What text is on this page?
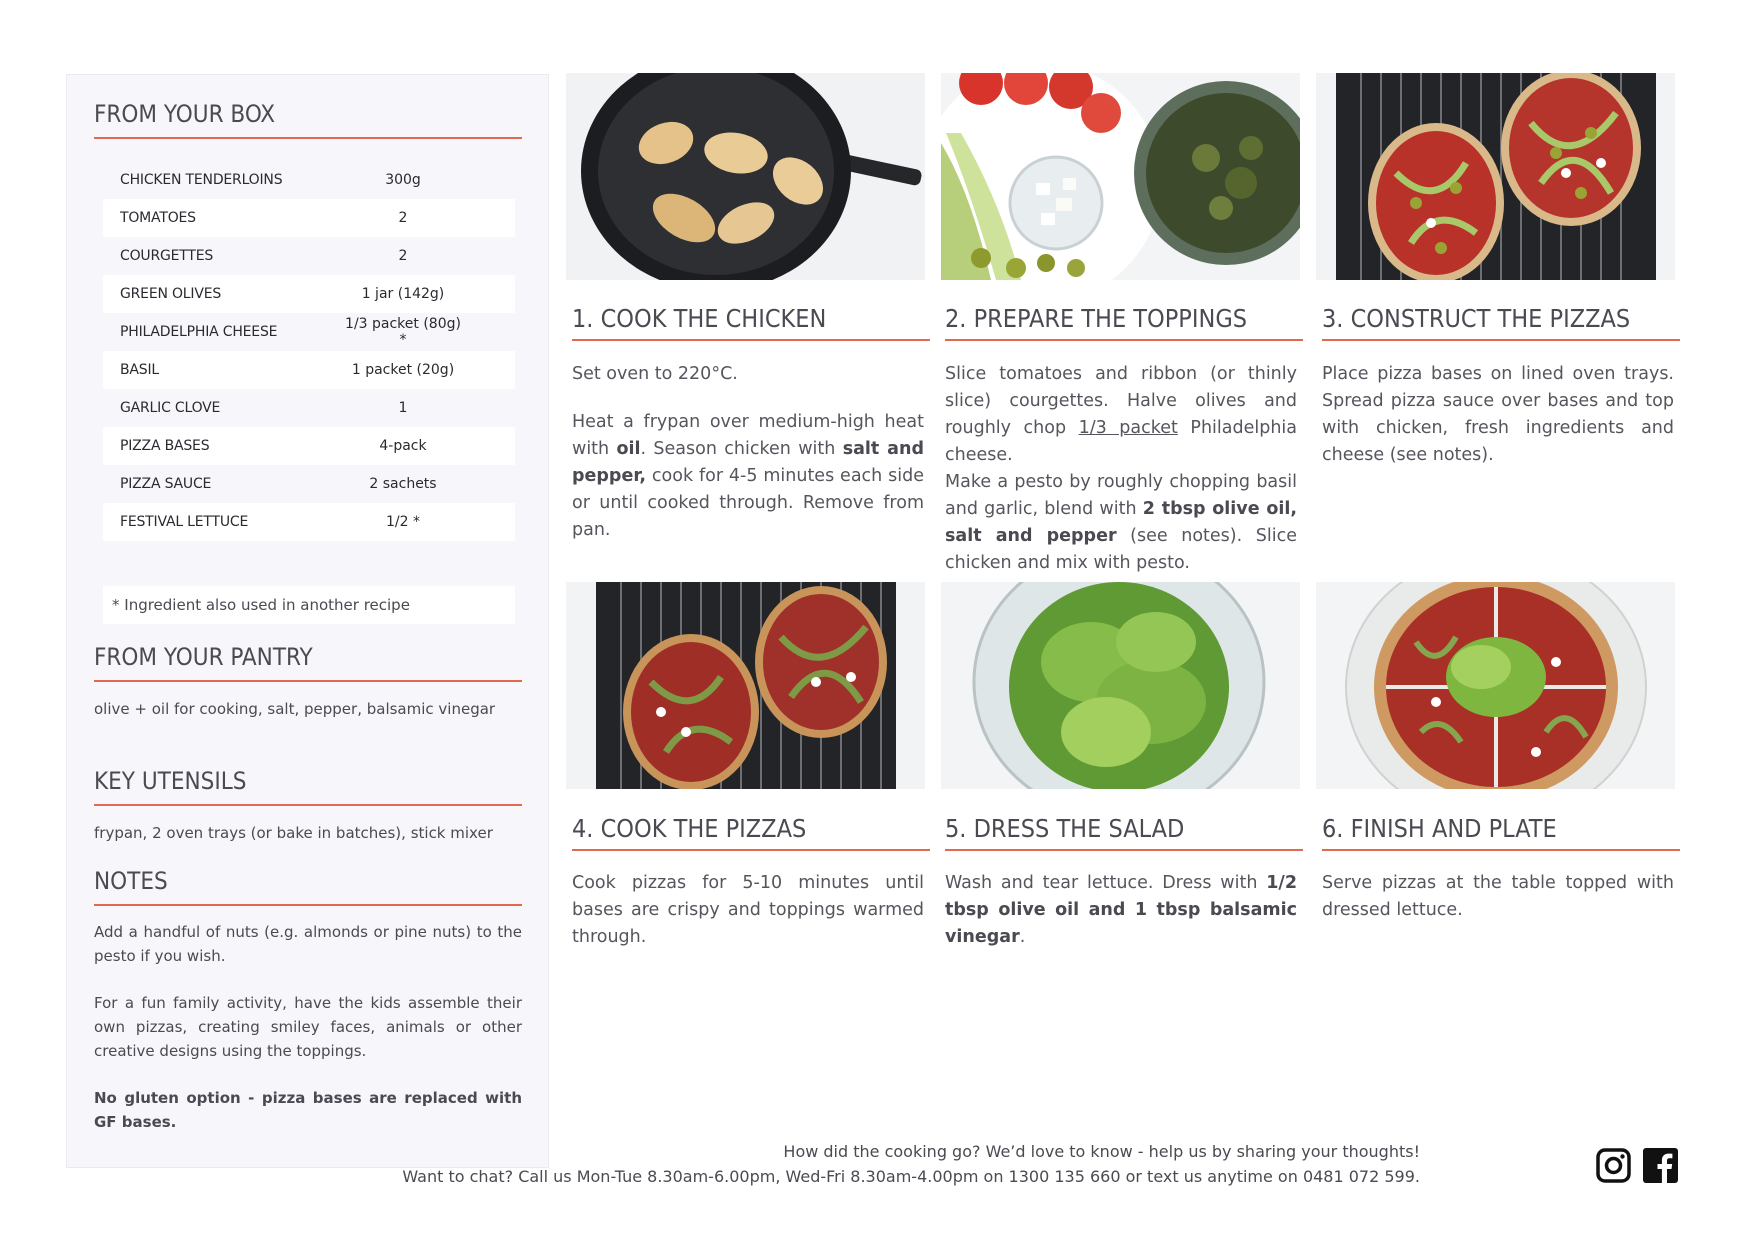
FROM YOUR BOX
CHICKEN TENDERLOINS	300g
TOMATOES	2
COURGETTES	2
GREEN OLIVES	1 jar (142g)
PHILADELPHIA CHEESE	1/3 packet (80g) *
BASIL	1 packet (20g)
GARLIC CLOVE	1
PIZZA BASES	4-pack
PIZZA SAUCE	2 sachets
FESTIVAL LETTUCE	1/2 *
* Ingredient also used in another recipe
FROM YOUR PANTRY

olive + oil for cooking, salt, pepper, balsamic vinegar

KEY UTENSILS

frypan, 2 oven trays (or bake in batches), stick mixer

NOTES

Add a handful of nuts (e.g. almonds or pine nuts) to the pesto if you wish.

For a fun family activity, have the kids assemble their own pizzas, creating smiley faces, animals or other creative designs using the toppings.

No gluten option - pizza bases are replaced with GF bases.

1. COOK THE CHICKEN	2. PREPARE THE TOPPINGS	3. CONSTRUCT THE PIZZAS

Set oven to 220°C.

Heat a frypan over medium-high heat with oil. Season chicken with salt and pepper, cook for 4-5 minutes each side or until cooked through. Remove from pan.

Slice tomatoes and ribbon (or thinly slice) courgettes. Halve olives and roughly chop 1/3 packet Philadelphia cheese.

Make a pesto by roughly chopping basil and garlic, blend with 2 tbsp olive oil, salt and pepper (see notes). Slice chicken and mix with pesto.

Place pizza bases on lined oven trays. Spread pizza sauce over bases and top with chicken, fresh ingredients and cheese (see notes).

4. COOK THE PIZZAS	5. DRESS THE SALAD	6. FINISH AND PLATE

Cook pizzas for 5-10 minutes until bases are crispy and toppings warmed through.

Wash and tear lettuce. Dress with 1/2 tbsp olive oil and 1 tbsp balsamic vinegar.

Serve pizzas at the table topped with dressed lettuce.

How did the cooking go? We’d love to know - help us by sharing your thoughts!
Want to chat? Call us Mon-Tue 8.30am-6.00pm, Wed-Fri 8.30am-4.00pm on 1300 135 660 or text us anytime on 0481 072 599.
